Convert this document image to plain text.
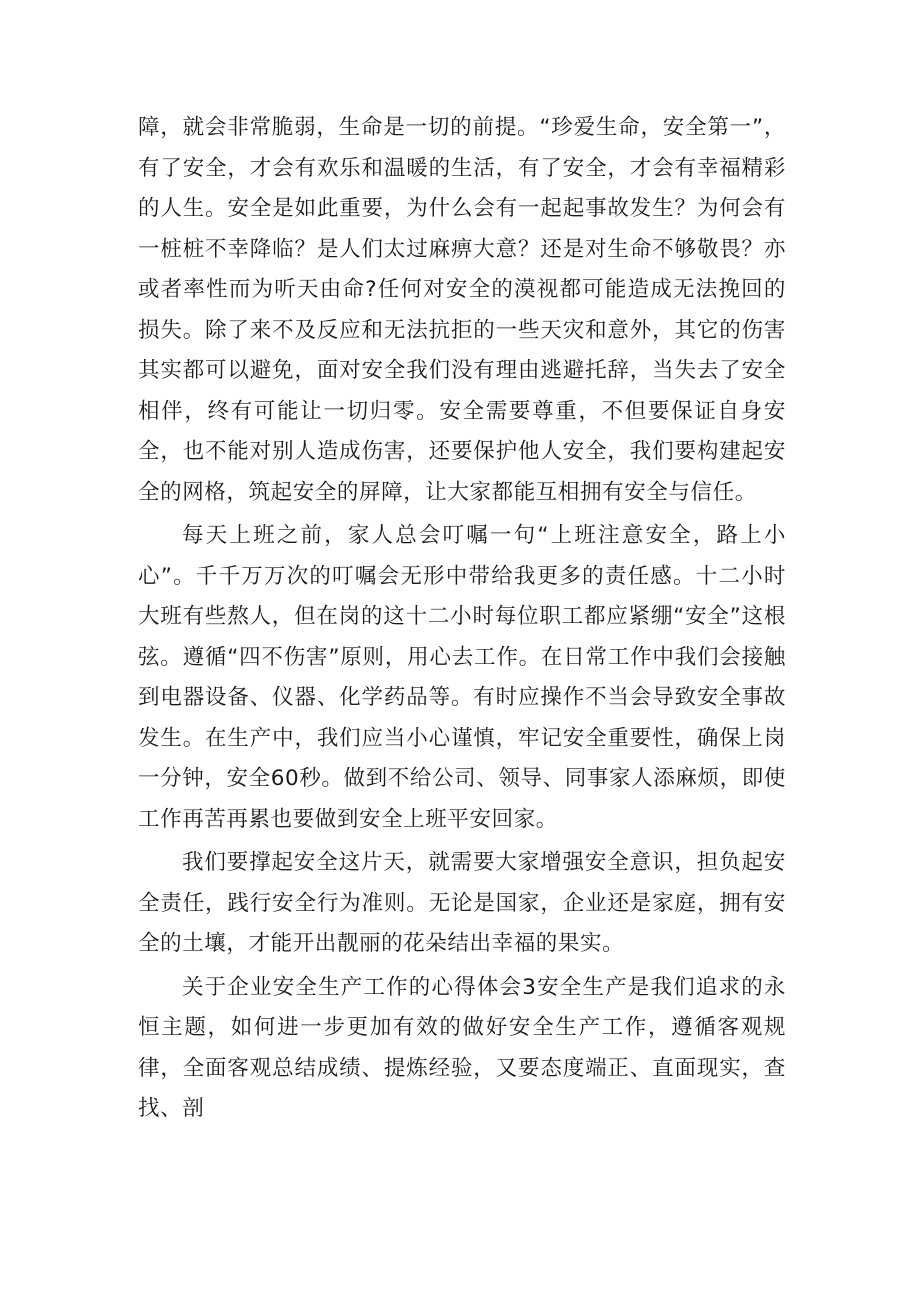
障，就会非常脆弱，生命是一切的前提。“珍爱生命，安全第一”，有了安全，才会有欢乐和温暖的生活，有了安全，才会有幸福精彩的人生。安全是如此重要，为什么会有一起起事故发生？为何会有一桩桩不幸降临？是人们太过麻痹大意？还是对生命不够敬畏？亦或者率性而为听天由命?任何对安全的漠视都可能造成无法挽回的损失。除了来不及反应和无法抗拒的一些天灾和意外，其它的伤害其实都可以避免，面对安全我们没有理由逃避托辞，当失去了安全相伴，终有可能让一切归零。安全需要尊重，不但要保证自身安全，也不能对别人造成伤害，还要保护他人安全，我们要构建起安全的网格，筑起安全的屏障，让大家都能互相拥有安全与信任。

每天上班之前，家人总会叮嘱一句“上班注意安全，路上小心”。千千万万次的叮嘱会无形中带给我更多的责任感。十二小时大班有些熬人，但在岗的这十二小时每位职工都应紧绷“安全”这根弦。遵循“四不伤害”原则，用心去工作。在日常工作中我们会接触到电器设备、仪器、化学药品等。有时应操作不当会导致安全事故发生。在生产中，我们应当小心谨慎，牢记安全重要性，确保上岗一分钟，安全60秒。做到不给公司、领导、同事家人添麻烦，即使工作再苦再累也要做到安全上班平安回家。

我们要撑起安全这片天，就需要大家增强安全意识，担负起安全责任，践行安全行为准则。无论是国家，企业还是家庭，拥有安全的土壤，才能开出靓丽的花朵结出幸福的果实。

关于企业安全生产工作的心得体会3安全生产是我们追求的永恒主题，如何进一步更加有效的做好安全生产工作，遵循客观规律，全面客观总结成绩、提炼经验，又要态度端正、直面现实，查找、剖
